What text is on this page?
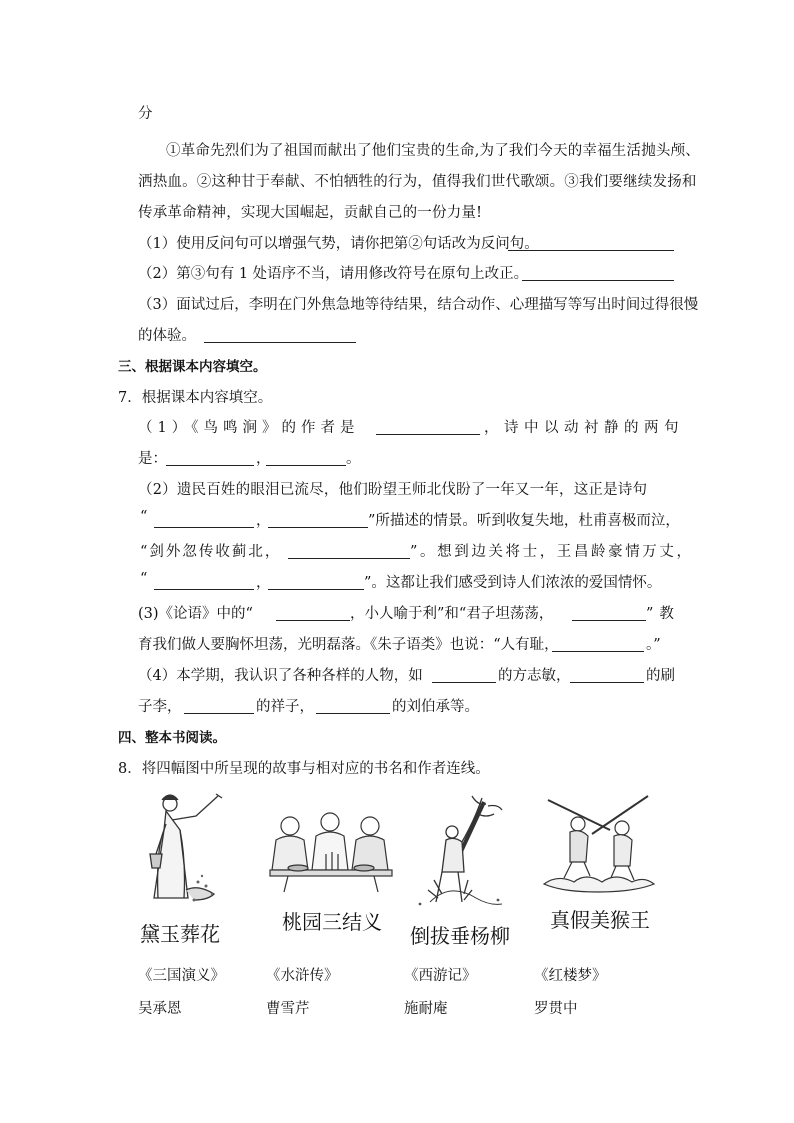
分
①革命先烈们为了祖国而献出了他们宝贵的生命,为了我们今天的幸福生活抛头颅、
洒热血。②这种甘于奉献、不怕牺牲的行为，值得我们世代歌颂。③我们要继续发扬和
传承革命精神，实现大国崛起，贡献自己的一份力量!
（1）使用反问句可以增强气势，请你把第②句话改为反问句。
（2）第③句有 1 处语序不当，请用修改符号在原句上改正。
（3）面试过后，李明在门外焦急地等待结果，结合动作、心理描写等写出时间过得很慢
的体验。
三、根据课本内容填空。
7．根据课本内容填空。
（1）《鸟鸣涧》的作者是	，诗中以动衬静的两句
是：	，	。
（2）遗民百姓的眼泪已流尽，他们盼望王师北伐盼了一年又一年，这正是诗句
“	，	”所描述的情景。听到收复失地，杜甫喜极而泣，
“剑外忽传收蓟北，	”。想到边关将士，王昌龄豪情万丈，
“	，	”。这都让我们感受到诗人们浓浓的爱国情怀。
(3)《论语》中的“	，小人喻于利”和“君子坦荡荡，	”教
育我们做人要胸怀坦荡，光明磊落。《朱子语类》也说：“人有耻，	。”
（4）本学期，我认识了各种各样的人物，如	的方志敏，	的刷
子李，	的祥子，	的刘伯承等。
四、整本书阅读。
8．将四幅图中所呈现的故事与相对应的书名和作者连线。
黛玉葬花	桃园三结义
倒拔垂杨柳
真假美猴王
《三国演义》	《水浒传》	《西游记》	《红楼梦》
吴承恩	曹雪芹	施耐庵	罗贯中
